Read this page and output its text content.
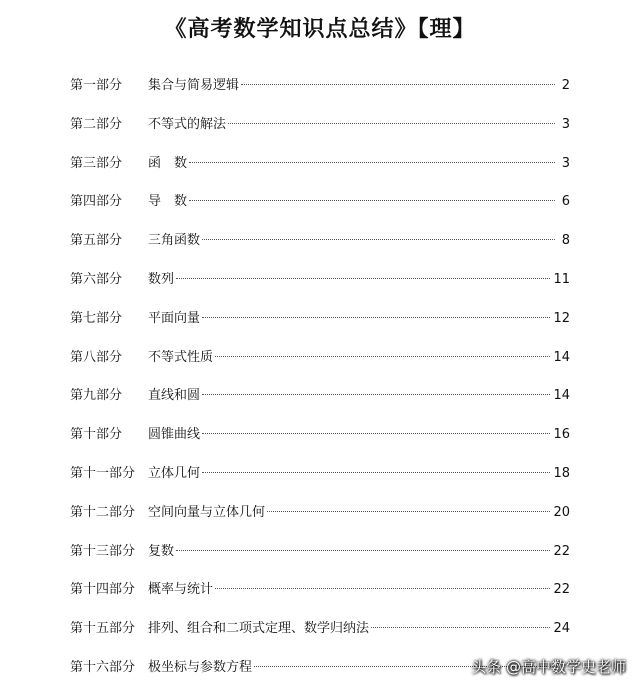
《高考数学知识点总结》【理】
第一部分	集合与简易逻辑	2
第二部分	不等式的解法	3
第三部分	函　数	3
第四部分	导　数	6
第五部分	三角函数	8
第六部分	数列	11
第七部分	平面向量	12
第八部分	不等式性质	14
第九部分	直线和圆	14
第十部分	圆锥曲线	16
第十一部分 立体几何	18
第十二部分 空间向量与立体几何	20
第十三部分 复数	22
第十四部分 概率与统计	22
第十五部分 排列、组合和二项式定理、数学归纳法	24
第十六部分 极坐标与参数方程	头条 @高中数学史老师
